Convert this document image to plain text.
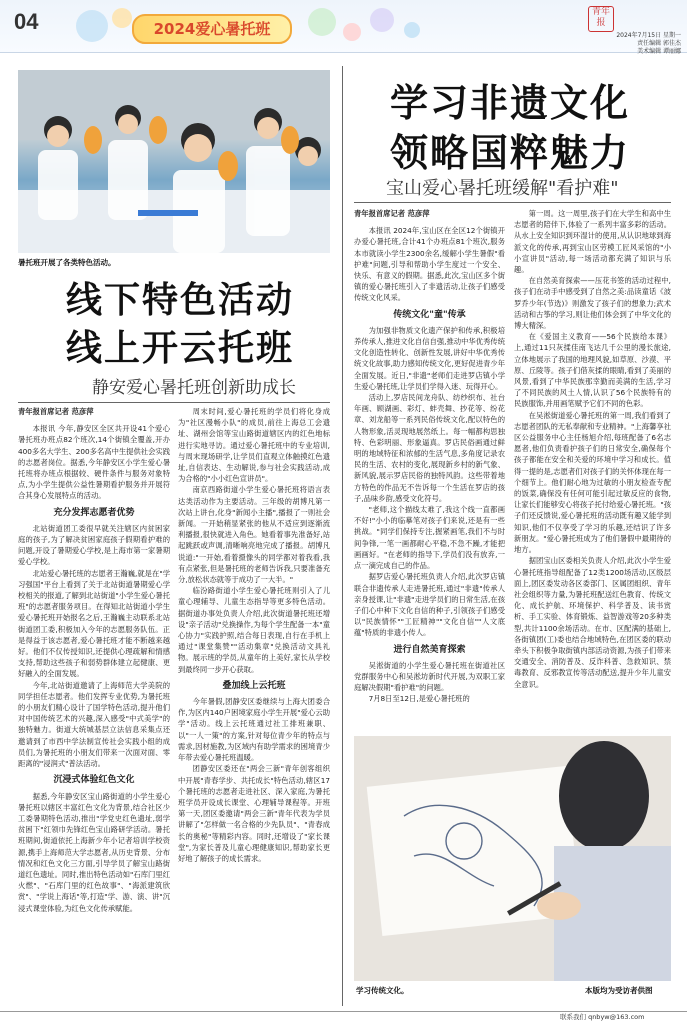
04	2024爱心暑托班
青年报
2024年7月15日 星期一
责任编辑 郭佳杰
美术编辑 谭丽娜
暑托班开展了各类特色活动。
线下特色活动
线上开云托班
静安爱心暑托班创新助成长

青年报首席记者 范彦萍

本报讯 今年,静安区全区共开设41个爱心暑托班办班点82个班次,14个街镇全覆盖,开办400多名大学生、200多名高中生提供社会实践的志愿者岗位。据悉,今年静安区小学生爱心暑托班将办班点根据较、硬件条件与服务对象特点,为小学生提供公益性暑期看护服务并开展符合其身心发展特点的活动。

充分发挥志愿者优势

北站街道团工委很早就关注辖区内贫困家庭的孩子,为了解决贫困家庭孩子假期看护难的问题,开设了暑期爱心学校,是上海市第一家暑期爱心学校。

北站爱心暑托班的志愿者王瀚巍,就是在"学习强国"平台上看到了关于北站街道暑期爱心学校相关的报道,了解到北站街道"小学生爱心暑托班"的志愿者服务项目。在得知北站街道小学生爱心暑托班开始报名之后,王瀚巍主动联系北站街道团工委,积极加入今年的志愿服务队伍。正是得益于该志愿者,爱心暑托班才能不断越来越好。他们不仅传授知识,还提供心理疏解和情感支持,帮助这些孩子和弱势群体建立起健康、更好融入的全面发展。

今年,北站街道邀请了上海师范大学美院的同学担任志愿者。他们发挥专业优势,为暑托班的小朋友们精心设计了国学特色活动,提升他们对中国传统艺术的兴趣,深入感受"中式美学"的独特魅力。街道大统城基层立法信息采集点还邀请到了市西中学法制宣传社会实践小组的成员们,为暑托班的小朋友们带来一次面对面、零距离的"浸润式"普法活动。

沉浸式体验红色文化

据悉,今年静安区宝山路街道的小学生爱心暑托班以辖区丰富红色文化为背景,结合社区少工委暑期特色活动,推出"学党史红色遗址,弱学贫困下"红领巾先锋红色宝山路研学活动。暑托班期间,街道依托上海新少年小记者培训学校资源,携手上海师范大学志愿者,从历史背景、分布情况和红色文化三方面,引导学员了解宝山路街道红色遗址。同时,推出特色活动如"石库门里红火燃"、"石库门里的红色故事"、"海派建筑欣赏"、"学说上海话"等,打造"学、游、演、讲"沉浸式课堂体验,为红色文化传承赋能。

周末时间,爱心暑托班的学员们将化身成为"社区漫畅小队"的成员,前往上海总工会遗址、湖州会馆等宝山路街道辖区内的红色地标进行实地寻访。通过爱心暑托班中的专业培训,与周末现场研学,让学员们直观立体触摸红色遗址,自信表达、生动解说,参与社会实践活动,成为合格的"小小红色宣讲员"。

南京西路街道小学生爱心暑托班将语言表达类活动作为主要活动。三年级的胡博凡第一次站上讲台,化身"新闻小主播",播报了一则社会新闻。一开始稍显紧张的他从不适应到逐渐流利播报,很快就进入角色。她看着事先准备好,站起跳跃或声调,清晰响亮地完成了播报。胡博凡说道:"一开始,看着摄像头的同学都对着我看,我有点紧张,但是暑托班的老师告诉我,只要准备充分,放松状态就等于成功了一大半。"

临汾路街道小学生爱心暑托班则引入了儿童心理辅导、儿童生态指导等更多特色活动。据街道办事处负责人介绍,此次街道暑托班还增设"亲子活动"兑换操作,为每个学生配备一本"童心协力"实践护照,结合每日表现,自行在手机上通过"课堂集赞""活动集章"兑换活动文具礼物。展示班的学员,从童年的上美好,家长从学校到最终同一步开心获取。

叠加线上云托班

今年暑假,团静安区委继续与上海大团委合作,为区内140户困境家庭小学生开展"爱心云助学"活动。线上云托班通过社工排班兼职、以"一人一策"的方案,针对每位青少年的特点与需求,因材施教,为区域内有助学需求的困境青少年带去爱心暑托班温暖。

团静安区委还在"两会三新"青年创客组织中开展"青春学步、共托成长"特色活动,辖区17个暑托班的志愿者走进社区、深入家庭,为暑托班学员开设成长课堂、心理辅导课程等。开班第一天,团区委邀请"两会三新"青年代表为学员讲解了"怎样做一名合格的少先队员"、"青春成长的奥秘"等精彩内容。同时,还增设了"家长课堂",为家长普及儿童心理健康知识,帮助家长更好地了解孩子的成长需求。

学习非遗文化
领略国粹魅力
宝山爱心暑托班缓解"看护难"

青年报首席记者 范彦萍

本报讯 2024年,宝山区在全区12个街镇开办爱心暑托班,合计41个办班点81个班次,服务本市就读小学生2300余名,缓解小学生暑假"看护难"问题,引导和帮助小学生度过一个安全、快乐、有意义的假期。据悉,此次,宝山区多个街镇的爱心暑托班引入了非遗活动,让孩子们感受传统文化风采。

传统文化"童"传承

为加强非物质文化遗产保护和传承,积极培养传承人,推进文化自信自强,推动中华优秀传统文化创造性转化、创新性发展,讲好中华优秀传统文化故事,助力感知传统文化,更好促进青少年全面发展。近日,"非遗"老师们走进罗店镇小学生爱心暑托班,让学员们学得入迷、玩得开心。

活动上,罗店民间龙舟队、纺纱织布、社台年画、顾湖画、彩灯、蚌壳舞、抄花等、纷花章、刘龙船等一系列民俗传统文化,配以特色的人物形象,活灵现地展然纸上。每一幅都构思独特、色彩明丽、形象逼真。罗店民俗画通过鲜明的地域特征和浓郁的生活气息,多角度记录农民的生活、农村的变化,展现新乡村的新气象、新风貌,展示罗店民俗的独特风韵。这些带着地方特色的作品无不告诉每一个生活在罗店的孩子,品味乡韵,感受文化符号。

"老师,这个描线太难了,我这个线一直都画不好!"小小的临摹笔对孩子们来说,还是有一些挑战。"同学们保持专注,握紧画笔,我们不与时间争锋,一笔一画都耐心平稳,不急不躁,才能把画画好。"在老师的指导下,学员们没有放弃,一点一滴完成自己的作品。

据罗店爱心暑托班负责人介绍,此次罗店镇联合非遗传承人走进暑托班,通过"非遗"传承人亲身授课,让"非遗"走进学员们的日常生活,在孩子们心中种下文化自信的种子,引领孩子们感受以"民族情怀""工匠精神""文化自信""人文底蕴"特质的非遗小传人。

进行自然美育探索

吴淞街道的小学生爱心暑托班在街道社区党群服务中心和吴淞坊新时代开展,为双职工家庭解决假期"看护难"的问题。

7月8日至12日,是爱心暑托班的

第一周。这一周里,孩子们在大学生和高中生志愿者的陪伴下,体验了一系列丰富多彩的活动。从水上安全知识到环湿计的使用,从认识地球到海派文化的传承,再到宝山区劳模工匠风采馆的"小小宣讲员"活动,每一场活动都充满了知识与乐趣。

在自然美育探索——压花书签的活动过程中,孩子们在动手中感受到了自然之美:品读童话《波罗乔少年(节选)》则激发了孩子们的想象力;武术活动和古筝的学习,则让他们体会到了中华文化的博大精深。

在《爱国主义教育——56个民族给本课》上,通过11只灰揉佳南飞达几千公里的漫长旅途,立体地展示了我国的地理风貌,如草原、沙漠、平原、丘陵等。孩子们借灰揉的眼睛,看到了美丽的风景,看到了中华民族那幸勤而美满的生活,学习了不同民族的风土人情,认识了56个民族特有的民族服饰,并用画笔赋予它们不同的色彩。

在吴淞街道爱心暑托班的第一周,我们看到了志愿者团队的无私奉献和专业精神。"上海馨享社区公益服务中心主任杨旭介绍,每班配备了6名志愿者,他们负责看护孩子们的日常安全,确保每个孩子都能在安全和关爱的环境中学习和成长。值得一提的是,志愿者们对孩子们的关怀体现在每一个细节上。他们耐心地为过敏的小朋友检查专配的饭菜,确保没有任何可能引起过敏反应的食物,让家长们能够安心将孩子托付给爱心暑托班。"孩子们还反馈说,爱心暑托班的活动既有趣又能学到知识,他们不仅享受了学习的乐趣,还结识了许多新朋友。"爱心暑托班成为了他们暑假中最期待的地方。

据团宝山区委相关负责人介绍,此次小学生爱心暑托班指导组配备了12类1200场活动,区级层面上,团区委发动各区委部门、区属团组织、青年社会组织等力量,为暑托班配送红色教育、传统文化、成长护航、环境保护、科学普及、读书赏析、手工实验、体育锻炼、益智游戏等20多种类型,共计1100余场活动。在市、区配满的基础上,各街镇团(工)委也结合地域特色,在团区委的联动牵头下积极争取街镇内部活动资源,为孩子们带来交通安全、消防普及、反诈科普、急救知识、禁毒教育、反邪教宣传等活动配送,提升少年儿童安全意识。

学习传统文化。	本版均为受访者供图
联系我们 qnbyw@163.com
